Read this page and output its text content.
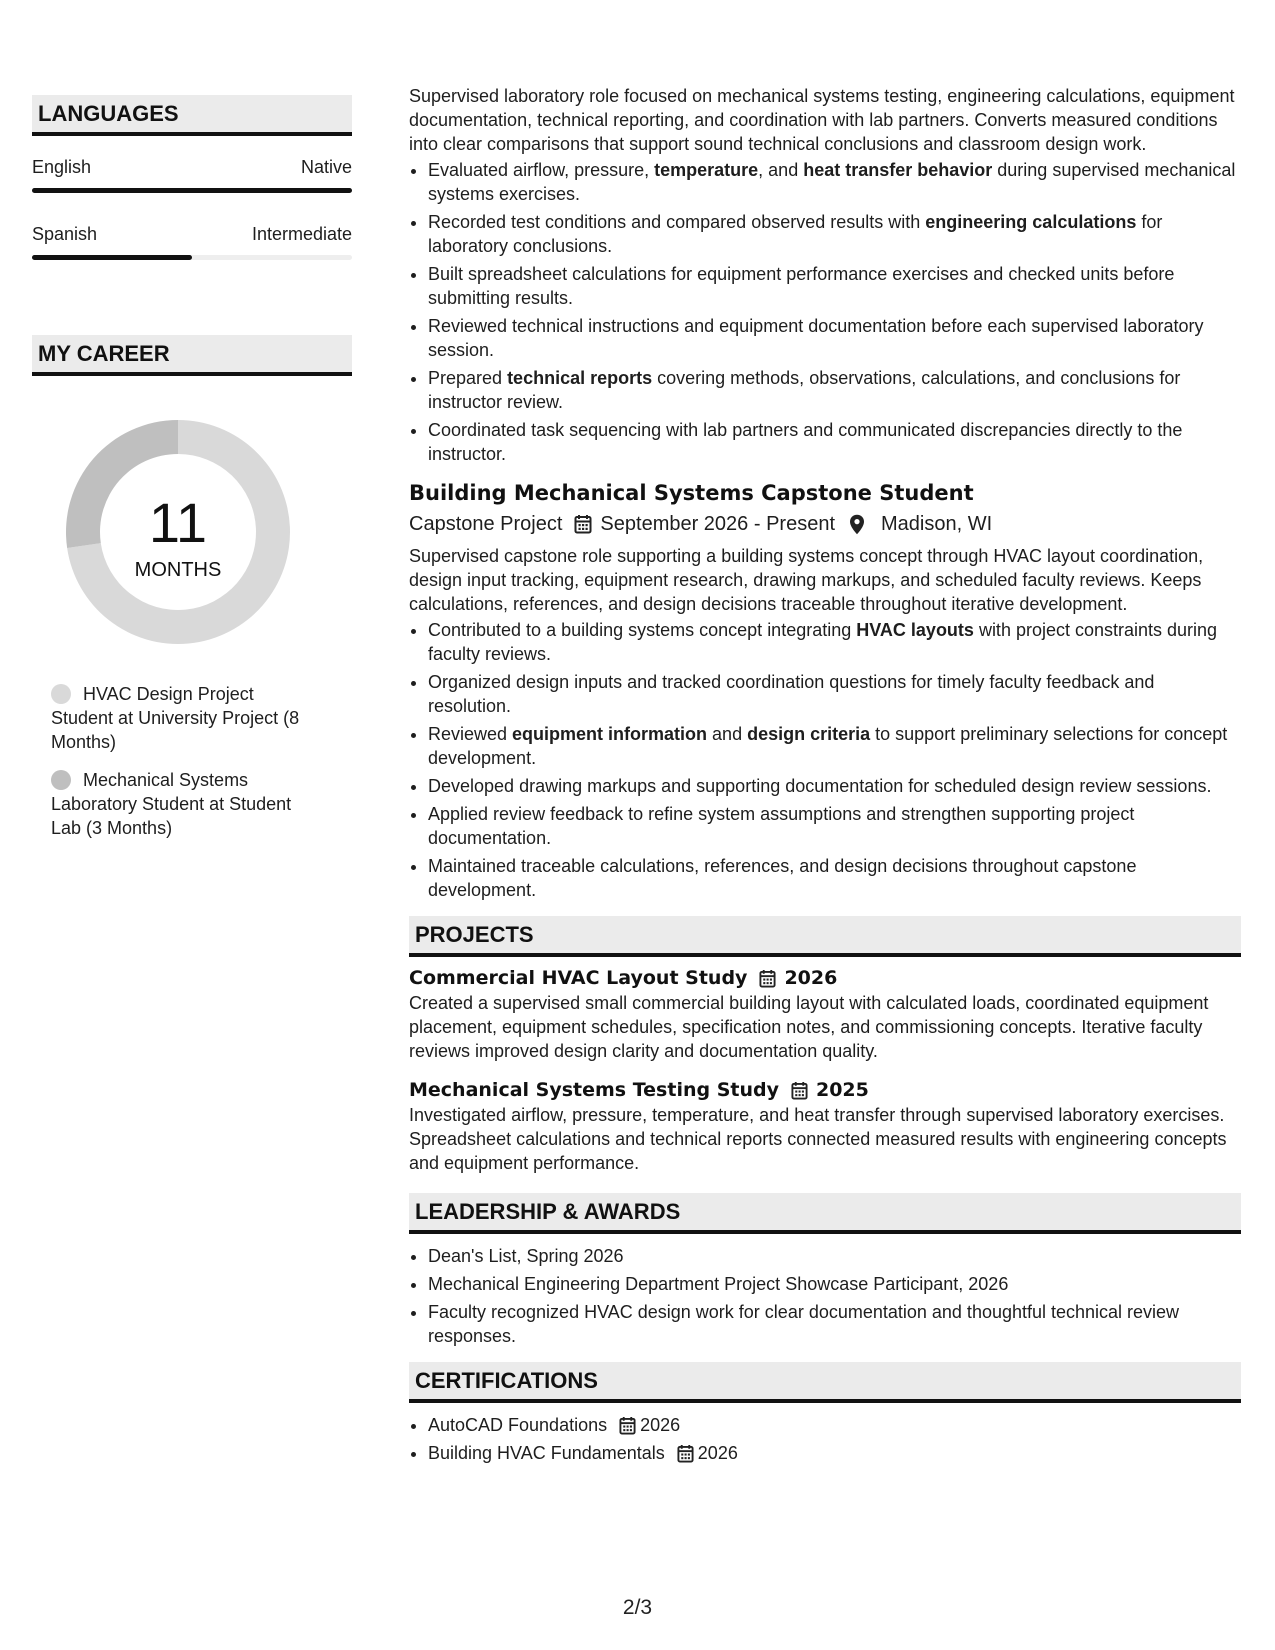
LANGUAGES
English	Native
Spanish	Intermediate
MY CAREER
11
MONTHS
HVAC Design Project Student at University Project (8 Months)
Mechanical Systems Laboratory Student at Student Lab (3 Months)

Supervised laboratory role focused on mechanical systems testing, engineering calculations, equipment documentation, technical reporting, and coordination with lab partners. Converts measured conditions into clear comparisons that support sound technical conclusions and classroom design work.

• Evaluated airflow, pressure, temperature, and heat transfer behavior during supervised mechanical systems exercises.
• Recorded test conditions and compared observed results with engineering calculations for laboratory conclusions.
• Built spreadsheet calculations for equipment performance exercises and checked units before submitting results.
• Reviewed technical instructions and equipment documentation before each supervised laboratory session.
• Prepared technical reports covering methods, observations, calculations, and conclusions for instructor review.
• Coordinated task sequencing with lab partners and communicated discrepancies directly to the instructor.
Building Mechanical Systems Capstone Student
Capstone Project September 2026 - Present Madison, WI

Supervised capstone role supporting a building systems concept through HVAC layout coordination, design input tracking, equipment research, drawing markups, and scheduled faculty reviews. Keeps calculations, references, and design decisions traceable throughout iterative development.

• Contributed to a building systems concept integrating HVAC layouts with project constraints during faculty reviews.
• Organized design inputs and tracked coordination questions for timely faculty feedback and resolution.
• Reviewed equipment information and design criteria to support preliminary selections for concept development.
• Developed drawing markups and supporting documentation for scheduled design review sessions.
• Applied review feedback to refine system assumptions and strengthen supporting project documentation.
• Maintained traceable calculations, references, and design decisions throughout capstone development.
PROJECTS
Commercial HVAC Layout Study 2026

Created a supervised small commercial building layout with calculated loads, coordinated equipment placement, equipment schedules, specification notes, and commissioning concepts. Iterative faculty reviews improved design clarity and documentation quality.

Mechanical Systems Testing Study 2025

Investigated airflow, pressure, temperature, and heat transfer through supervised laboratory exercises. Spreadsheet calculations and technical reports connected measured results with engineering concepts and equipment performance.

LEADERSHIP & AWARDS
• Dean's List, Spring 2026
• Mechanical Engineering Department Project Showcase Participant, 2026
• Faculty recognized HVAC design work for clear documentation and thoughtful technical review responses.
CERTIFICATIONS
• AutoCAD Foundations 2026
• Building HVAC Fundamentals 2026
2/3
